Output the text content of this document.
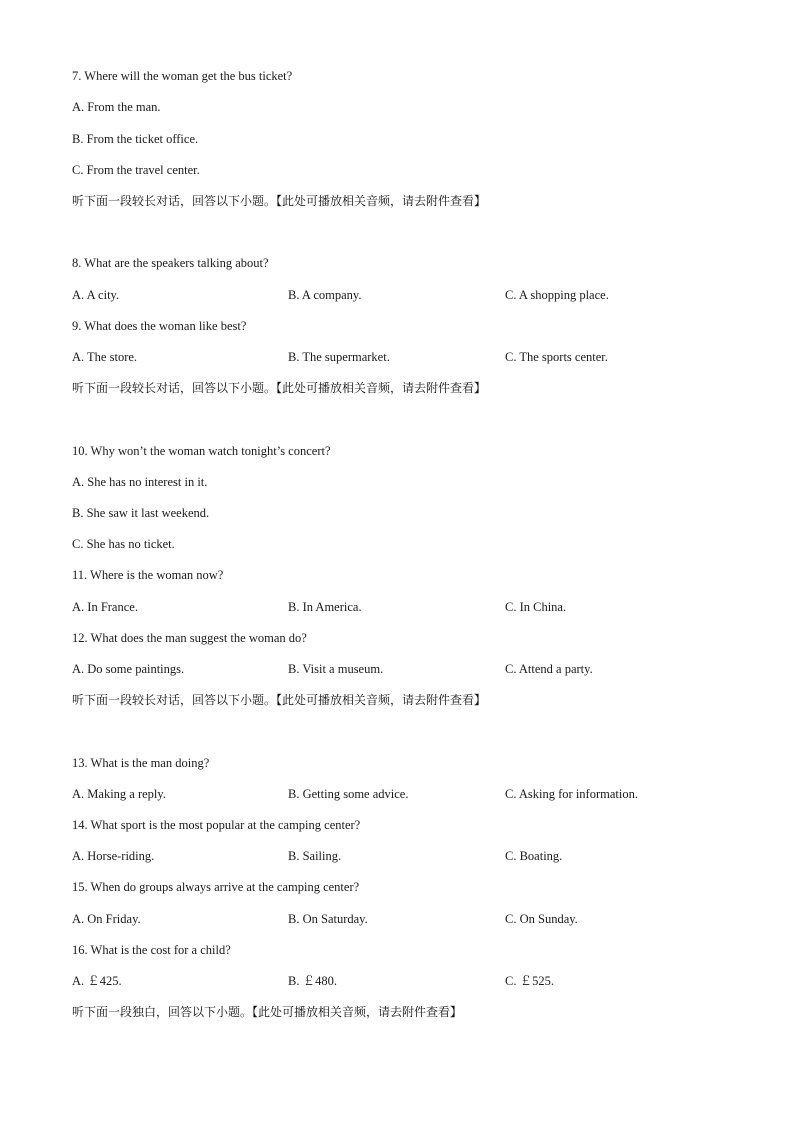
7. Where will the woman get the bus ticket?
A. From the man.
B. From the ticket office.
C. From the travel center.
听下面一段较长对话，回答以下小题。【此处可播放相关音频，请去附件查看】
8. What are the speakers talking about?
A. A city.	B. A company.	C. A shopping place.
9. What does the woman like best?
A. The store.	B. The supermarket.	C. The sports center.
听下面一段较长对话，回答以下小题。【此处可播放相关音频，请去附件查看】
10. Why won’t the woman watch tonight’s concert?
A. She has no interest in it.
B. She saw it last weekend.
C. She has no ticket.
11. Where is the woman now?
A. In France.	B. In America.	C. In China.
12. What does the man suggest the woman do?
A. Do some paintings.	B. Visit a museum.	C. Attend a party.
听下面一段较长对话，回答以下小题。【此处可播放相关音频，请去附件查看】
13. What is the man doing?
A. Making a reply.	B. Getting some advice.	C. Asking for information.
14. What sport is the most popular at the camping center?
A. Horse-riding.	B. Sailing.	C. Boating.
15. When do groups always arrive at the camping center?
A. On Friday.	B. On Saturday.	C. On Sunday.
16. What is the cost for a child?
A. ￡425.	B. ￡480.	C. ￡525.
听下面一段独白，回答以下小题。【此处可播放相关音频，请去附件查看】
